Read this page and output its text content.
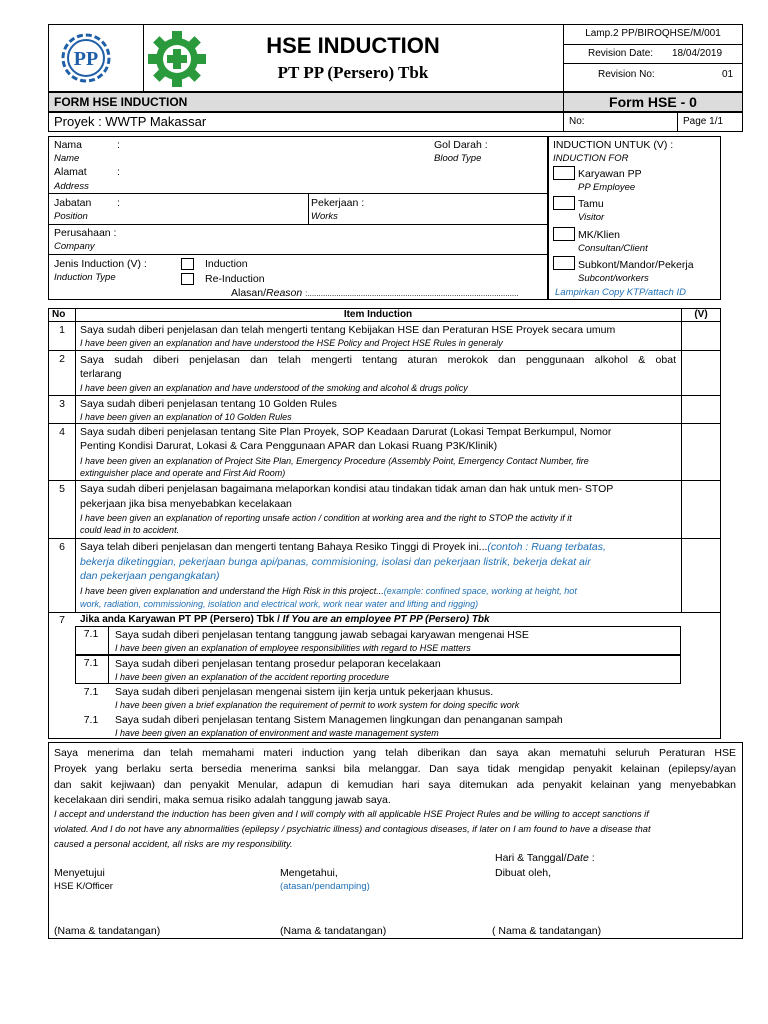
PP
HSE INDUCTION
PT PP (Persero) Tbk
Lamp.2 PP/BIROQHSE/M/001
Revision Date: 18/04/2019
Revision No:	01
FORM HSE INDUCTION	Form HSE - 0
Proyek : WWTP Makassar	No:	Page 1/1
Nama	:
Name
Gol Darah :
Blood Type
Alamat	:
Address
Jabatan :
Position
Pekerjaan :
Works
Perusahaan :
Company
Jenis Induction (V) :
Induction Type
Induction
Re-Induction
Alasan/Reason :...............................................................................................
INDUCTION UNTUK (V) :
INDUCTION FOR
Karyawan PP
PP Employee
Tamu
Visitor
MK/Klien
Consultan/Client
Subkont/Mandor/Pekerja
Subcont/workers
Lampirkan Copy KTP/attach ID
No	Item Induction	(V)
1	Saya sudah diberi penjelasan dan telah mengerti tentang Kebijakan HSE dan Peraturan HSE Proyek secara umum
I have been given an explanation and have understood the HSE Policy and Project HSE Rules in generaly
2	Saya sudah diberi penjelasan dan telah mengerti tentang aturan merokok dan penggunaan alkohol & obat
terlarang
I have been given an explanation and have understood of the smoking and alcohol & drugs policy
3	Saya sudah diberi penjelasan tentang 10 Golden Rules
I have been given an explanation of 10 Golden Rules
4	Saya sudah diberi penjelasan tentang Site Plan Proyek, SOP Keadaan Darurat (Lokasi Tempat Berkumpul, Nomor
Penting Kondisi Darurat, Lokasi & Cara Penggunaan APAR dan Lokasi Ruang P3K/Klinik)
I have been given an explanation of Project Site Plan, Emergency Procedure (Assembly Point, Emergency Contact Number, fire
extinguisher place and operate and First Aid Room)
5	Saya sudah diberi penjelasan bagaimana melaporkan kondisi atau tindakan tidak aman dan hak untuk men- STOP
pekerjaan jika bisa menyebabkan kecelakaan
I have been given an explanation of reporting unsafe action / condition at working area and the right to STOP the activity if it
could lead in to accident.
6	Saya telah diberi penjelasan dan mengerti tentang Bahaya Resiko Tinggi di Proyek ini...(contoh : Ruang terbatas,
bekerja diketinggian, pekerjaan bunga api/panas, commisioning, isolasi dan pekerjaan listrik, bekerja dekat air
dan pekerjaan pengangkatan)
I have been given explanation and understand the High Risk in this project...(example: confined space, working at height, hot
work, radiation, commissioning, isolation and electrical work, work near water and lifting and rigging)
7	Jika anda Karyawan PT PP (Persero) Tbk / If You are an employee PT PP (Persero) Tbk
7.1	Saya sudah diberi penjelasan tentang tanggung jawab sebagai karyawan mengenai HSE
I have been given an explanation of employee responsibilities with regard to HSE matters
7.1	Saya sudah diberi penjelasan tentang prosedur pelaporan kecelakaan
I have been given an explanation of the accident reporting procedure
7.1	Saya sudah diberi penjelasan mengenai sistem ijin kerja untuk pekerjaan khusus.
I have been given a brief explanation the requirement of permit to work system for doing specific work
7.1	Saya sudah diberi penjelasan tentang Sistem Managemen lingkungan dan penanganan sampah
I have been given an explanation of environment and waste management system
Saya menerima dan telah memahami materi induction yang telah diberikan dan saya akan mematuhi seluruh Peraturan HSE
Proyek yang berlaku serta bersedia menerima sanksi bila melanggar. Dan saya tidak mengidap penyakit kelainan (epilepsy/ayan
dan sakit kejiwaan) dan penyakit Menular, adapun di kemudian hari saya ditemukan ada penyakit kelainan yang menyebabkan
kecelakaan diri sendiri, maka semua risiko adalah tanggung jawab saya.
I accept and understand the induction has been given and I will comply with all applicable HSE Project Rules and be willing to accept sanctions if
violated. And I do not have any abnormalities (epilepsy / psychiatric illness) and contagious diseases, if later on I am found to have a disease that
caused a personal accident, all risks are my responsibility.
Hari & Tanggal/Date :
Menyetujui
HSE K/Officer
(Nama & tandatangan)
Mengetahui,
(atasan/pendamping)
(Nama & tandatangan)
Dibuat oleh,
( Nama & tandatangan)
